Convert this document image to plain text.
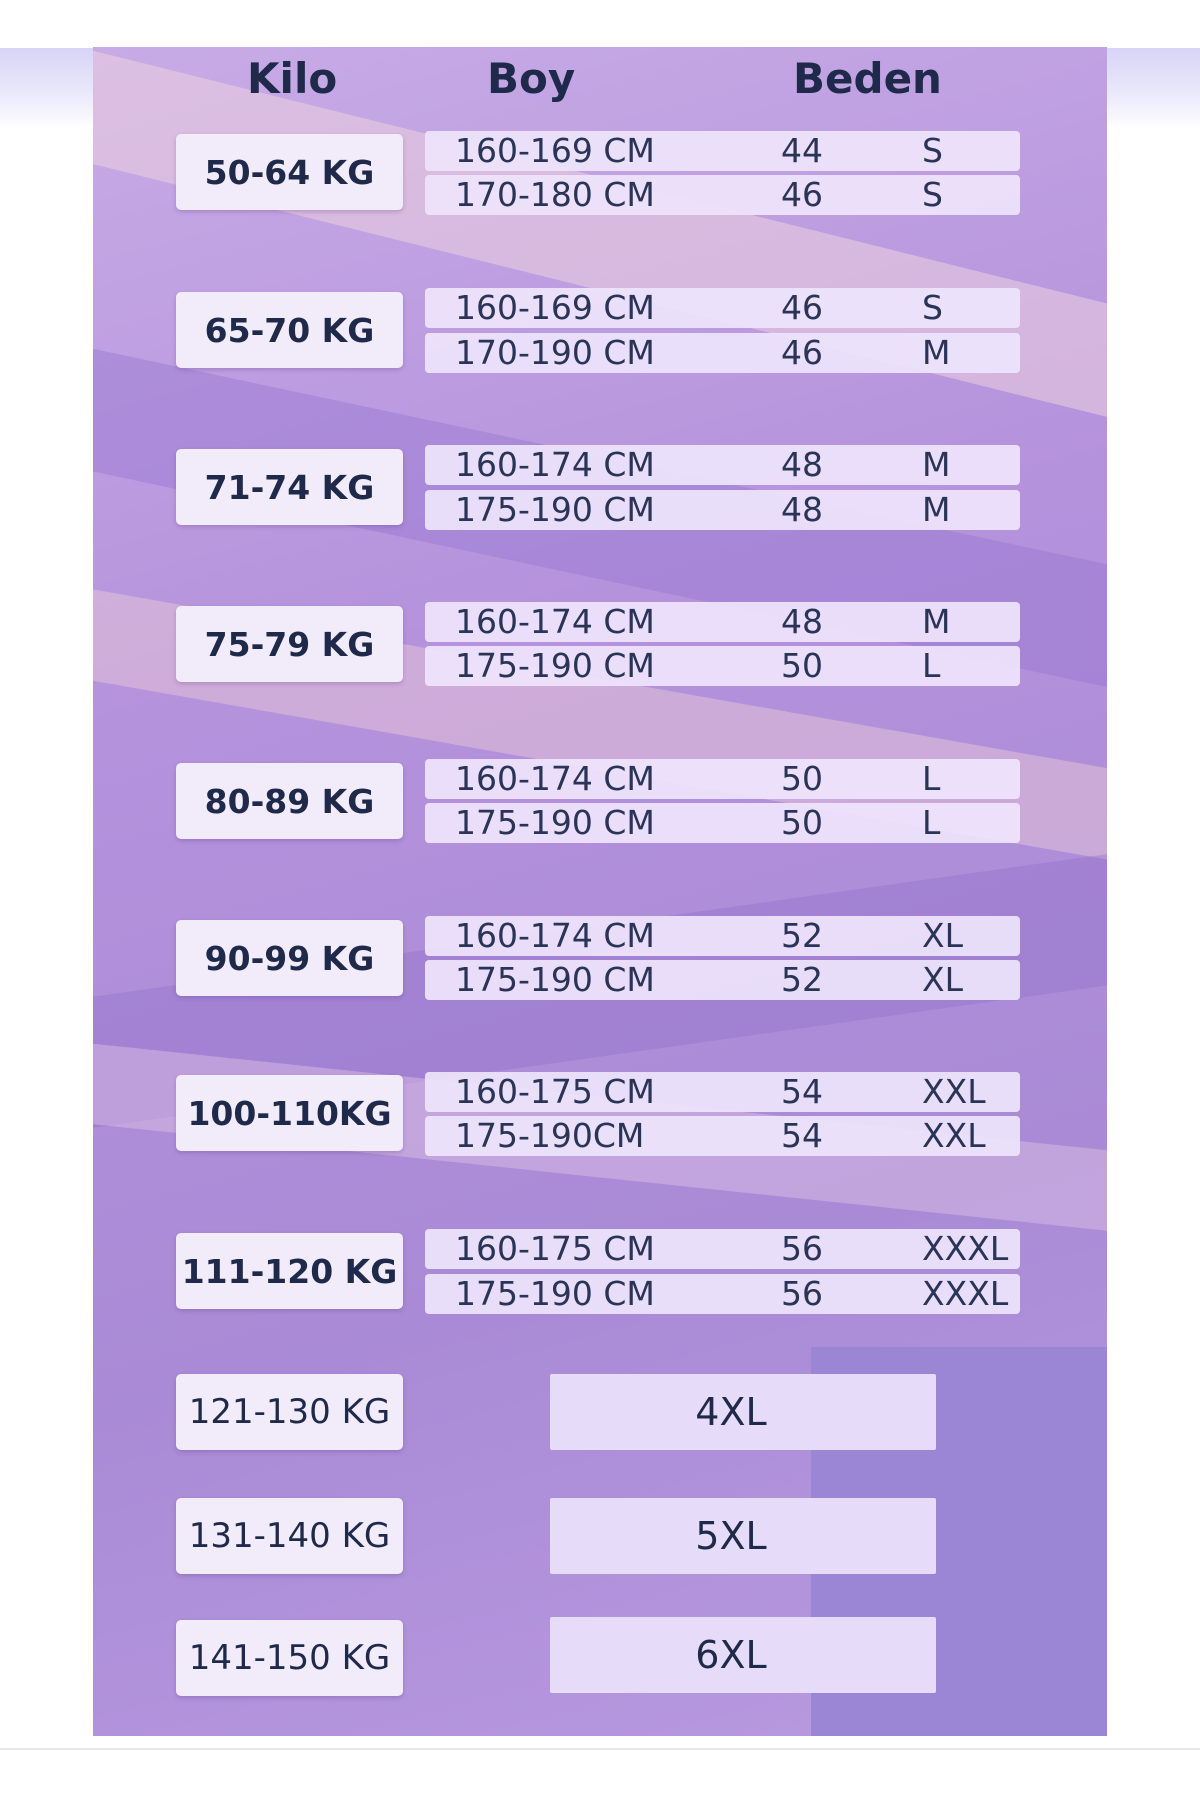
Kilo	Boy	Beden
50-64 KG
160-169 CM	44	S
170-180 CM	46	S
65-70 KG
160-169 CM	46	S
170-190 CM	46	M
71-74 KG
160-174 CM	48	M
175-190 CM	48	M
75-79 KG
160-174 CM	48	M
175-190 CM	50	L
80-89 KG
160-174 CM	50	L
175-190 CM	50	L
90-99 KG
160-174 CM	52	XL
175-190 CM	52	XL
100-110KG
160-175 CM	54	XXL
175-190CM	54	XXL
111-120 KG
160-175 CM	56	XXXL
175-190 CM	56	XXXL
121-130 KG	4XL
131-140 KG	5XL
141-150 KG	6XL
